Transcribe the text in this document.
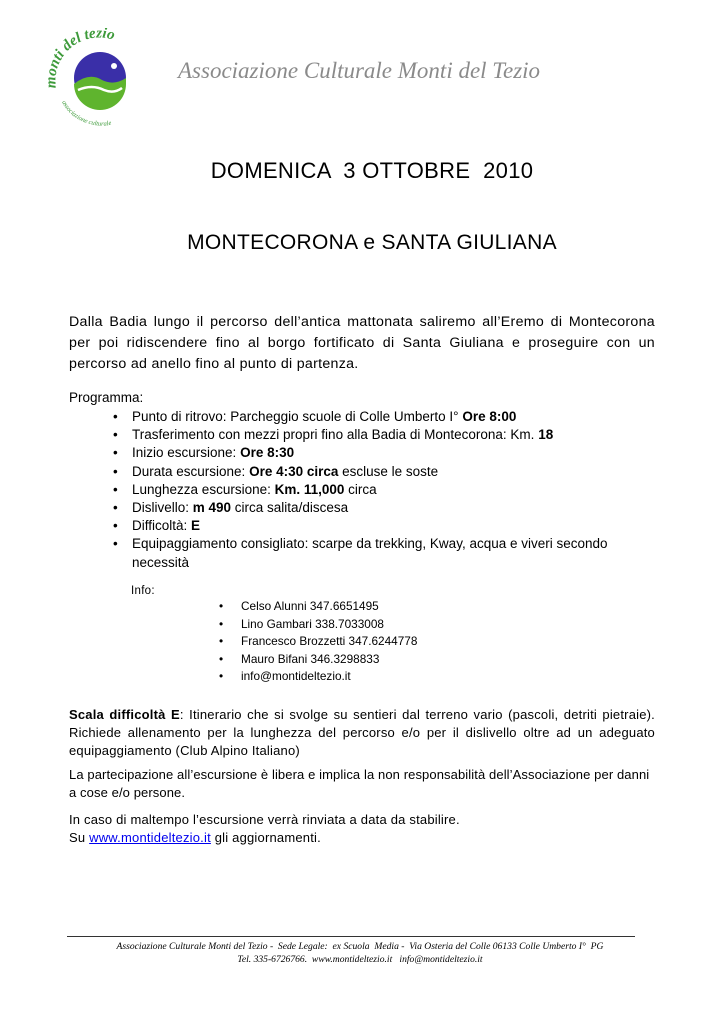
monti del tezio
associazione culturale
Associazione Culturale Monti del Tezio
DOMENICA  3 OTTOBRE  2010
MONTECORONA e SANTA GIULIANA
Dalla Badia lungo il percorso dell’antica mattonata saliremo all’Eremo di Montecorona per poi ridiscendere fino al borgo fortificato di Santa Giuliana e proseguire con un percorso ad anello fino al punto di partenza.
Programma:
• Punto di ritrovo: Parcheggio scuole di Colle Umberto I° Ore 8:00
• Trasferimento con mezzi propri fino alla Badia di Montecorona: Km. 18
• Inizio escursione: Ore 8:30
• Durata escursione: Ore 4:30 circa escluse le soste
• Lunghezza escursione: Km. 11,000 circa
• Dislivello: m 490 circa salita/discesa
• Difficoltà: E
• Equipaggiamento consigliato: scarpe da trekking, Kway, acqua e viveri secondo necessità
Info:
• Celso Alunni 347.6651495
• Lino Gambari 338.7033008
• Francesco Brozzetti 347.6244778
• Mauro Bifani 346.3298833
• info@montideltezio.it
Scala difficoltà E: Itinerario che si svolge su sentieri dal terreno vario (pascoli, detriti pietraie). Richiede allenamento per la lunghezza del percorso e/o per il dislivello oltre ad un adeguato equipaggiamento (Club Alpino Italiano)
La partecipazione all’escursione è libera e implica la non responsabilità dell’Associazione per danni a cose e/o persone.
In caso di maltempo l’escursione verrà rinviata a data da stabilire.
Su www.montideltezio.it gli aggiornamenti.
Associazione Culturale Monti del Tezio -  Sede Legale:  ex Scuola  Media -  Via Osteria del Colle 06133 Colle Umberto I°  PG
Tel. 335-6726766.  www.montideltezio.it   info@montideltezio.it
